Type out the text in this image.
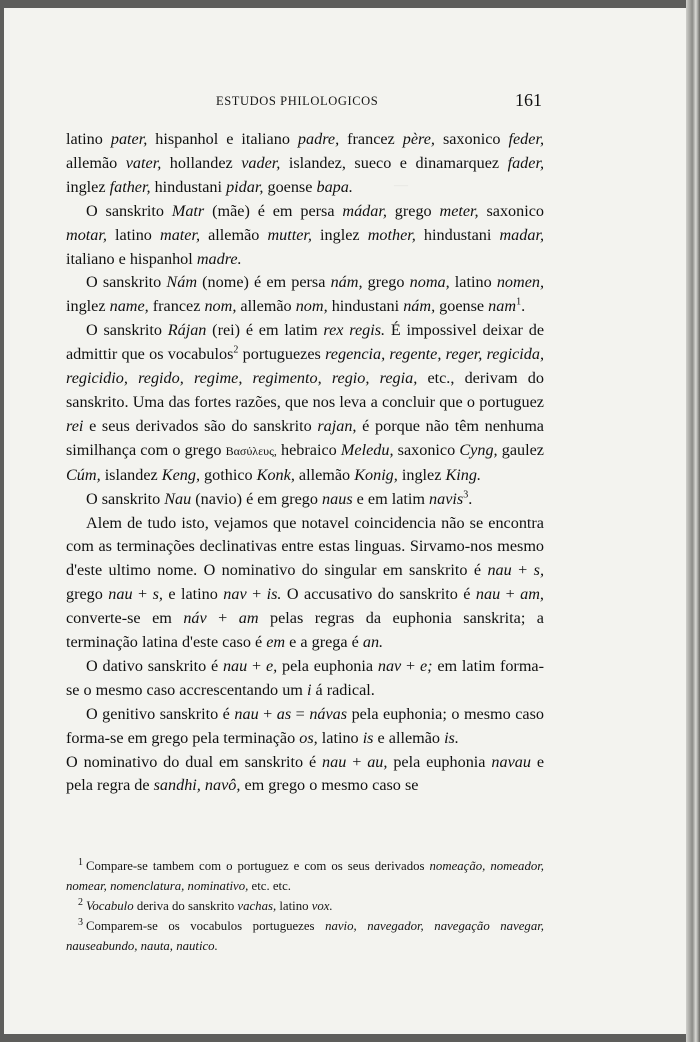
—
ESTUDOS PHILOLOGICOS	161

latino pater, hispanhol e italiano padre, francez père, saxonico feder, allemão vater, hollandez vader, islandez, sueco e dinamarquez fader, inglez father, hindustani pidar, goense bapa.

O sanskrito Matr (mãe) é em persa mádar, grego meter, saxonico motar, latino mater, allemão mutter, inglez mother, hindustani madar, italiano e hispanhol madre.

O sanskrito Nám (nome) é em persa nám, grego noma, latino nomen, inglez name, francez nom, allemão nom, hindustani nám, goense nam$^1$.

O sanskrito Rájan (rei) é em latim rex regis. É impossivel deixar de admittir que os vocabulos$^2$ portuguezes regencia, regente, reger, regicida, regicidio, regido, regime, regimento, regio, regia, etc., derivam do sanskrito. Uma das fortes razões, que nos leva a concluir que o portuguez rei e seus derivados são do sanskrito rajan, é porque não têm nenhuma similhança com o grego Βασύλευς, hebraico Meledu, saxonico Cyng, gaulez Cúm, islandez Keng, gothico Konk, allemão Konig, inglez King.

O sanskrito Nau (navio) é em grego naus e em latim navis$^3$.

Alem de tudo isto, vejamos que notavel coincidencia não se encontra com as terminações declinativas entre estas linguas. Sirvamo-nos mesmo d'este ultimo nome. O nominativo do singular em sanskrito é nau + s, grego nau + s, e latino nav + is. O accusativo do sanskrito é nau + am, converte-se em náv + am pelas regras da euphonia sanskrita; a terminação latina d'este caso é em e a grega é an.

O dativo sanskrito é nau + e, pela euphonia nav + e; em latim forma-se o mesmo caso accrescentando um i á radical.

O genitivo sanskrito é nau + as = návas pela euphonia; o mesmo caso forma-se em grego pela terminação os, latino is e allemão is.

O nominativo do dual em sanskrito é nau + au, pela euphonia navau e pela regra de sandhi, navô, em grego o mesmo caso se

$^1$ Compare-se tambem com o portuguez e com os seus derivados nomeação, nomeador, nomear, nomenclatura, nominativo, etc. etc.

$^2$ Vocabulo deriva do sanskrito vachas, latino vox.

$^3$ Comparem-se os vocabulos portuguezes navio, navegador, navegação navegar, nauseabundo, nauta, nautico.
